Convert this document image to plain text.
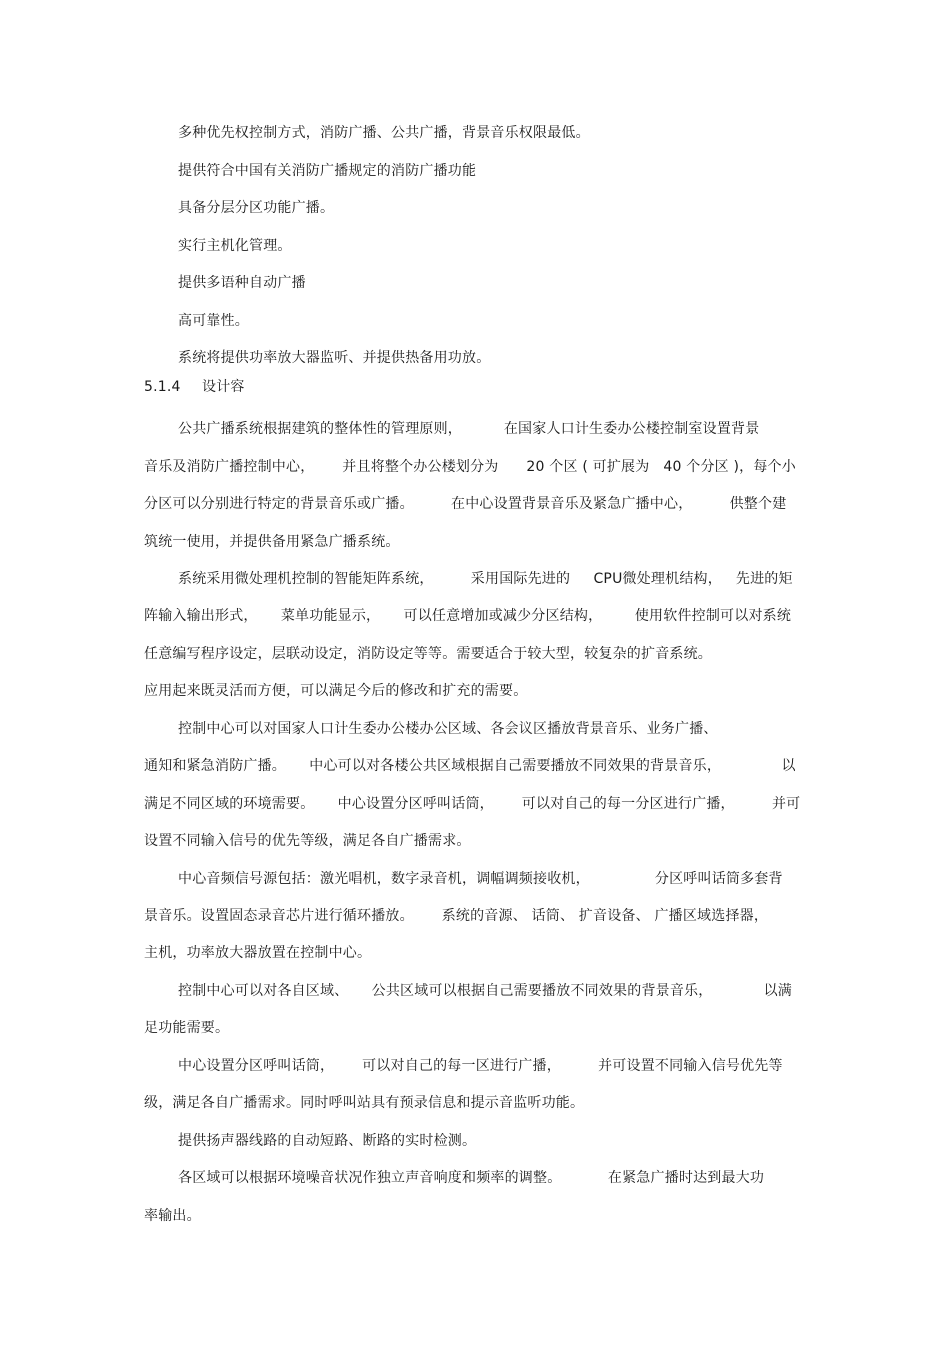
多种优先权控制方式，消防广播、公共广播，背景音乐权限最低。

提供符合中国有关消防广播规定的消防广播功能

具备分层分区功能广播。

实行主机化管理。

提供多语种自动广播

高可靠性。

系统将提供功率放大器监听、并提供热备用功放。

5.1.4 设计容

公共广播系统根据建筑的整体性的管理原则，         在国家人口计生委办公楼控制室设置背景

音乐及消防广播控制中心，      并且将整个办公楼划分为      20 个区 ( 可扩展为   40 个分区 )，每个小

分区可以分别进行特定的背景音乐或广播。        在中心设置背景音乐及紧急广播中心，        供整个建

筑统一使用，并提供备用紧急广播系统。

系统采用微处理机控制的智能矩阵系统，        采用国际先进的     CPU微处理机结构，   先进的矩

阵输入输出形式，     菜单功能显示，     可以任意增加或减少分区结构，       使用软件控制可以对系统

任意编写程序设定，层联动设定，消防设定等等。需要适合于较大型，较复杂的扩音系统。

应用起来既灵活而方便，可以满足今后的修改和扩充的需要。

控制中心可以对国家人口计生委办公楼办公区域、各会议区播放背景音乐、业务广播、

通知和紧急消防广播。     中心可以对各楼公共区域根据自己需要播放不同效果的背景音乐，             以

满足不同区域的环境需要。     中心设置分区呼叫话筒，      可以对自己的每一分区进行广播，        并可

设置不同输入信号的优先等级，满足各自广播需求。

中心音频信号源包括：激光唱机，数字录音机，调幅调频接收机，              分区呼叫话筒多套背

景音乐。设置固态录音芯片进行循环播放。      系统的音源、 话筒、 扩音设备、 广播区域选择器，

主机，功率放大器放置在控制中心。

控制中心可以对各自区域、     公共区域可以根据自己需要播放不同效果的背景音乐，           以满

足功能需要。

中心设置分区呼叫话筒，      可以对自己的每一区进行广播，        并可设置不同输入信号优先等

级，满足各自广播需求。同时呼叫站具有预录信息和提示音监听功能。

提供扬声器线路的自动短路、断路的实时检测。

各区域可以根据环境噪音状况作独立声音响度和频率的调整。          在紧急广播时达到最大功

率输出。
